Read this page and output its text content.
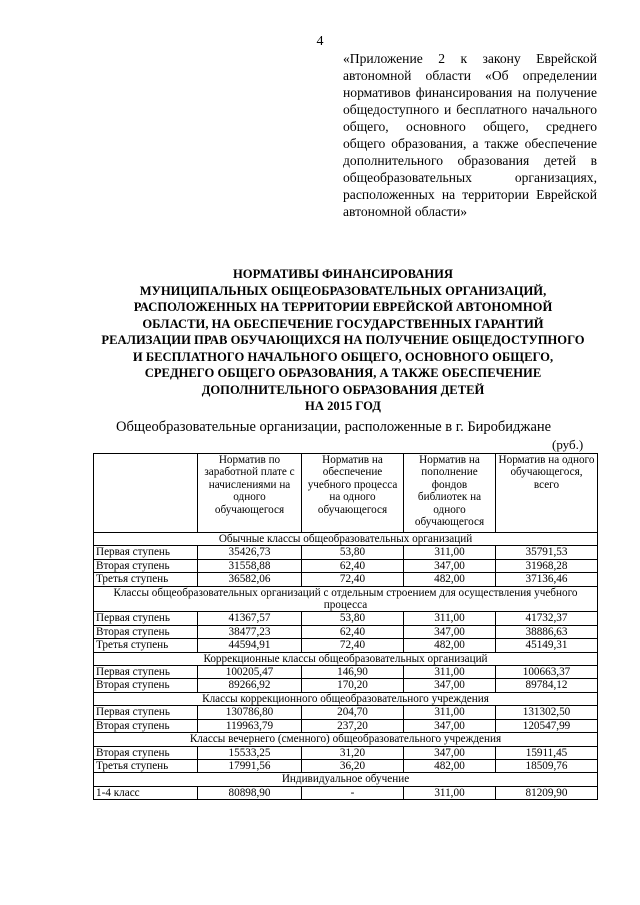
4
«Приложение 2 к закону Еврейской автономной области «Об определении нормативов финансирования на получение общедоступного и бесплатного начального общего, основного общего, среднего общего образования, а также обеспечение дополнительного образования детей в общеобразовательных организациях, расположенных на территории Еврейской автономной области»
НОРМАТИВЫ ФИНАНСИРОВАНИЯ
МУНИЦИПАЛЬНЫХ ОБЩЕОБРАЗОВАТЕЛЬНЫХ ОРГАНИЗАЦИЙ,
РАСПОЛОЖЕННЫХ НА ТЕРРИТОРИИ ЕВРЕЙСКОЙ АВТОНОМНОЙ
ОБЛАСТИ, НА ОБЕСПЕЧЕНИЕ ГОСУДАРСТВЕННЫХ ГАРАНТИЙ
РЕАЛИЗАЦИИ ПРАВ ОБУЧАЮЩИХСЯ НА ПОЛУЧЕНИЕ ОБЩЕДОСТУПНОГО
И БЕСПЛАТНОГО НАЧАЛЬНОГО ОБЩЕГО, ОСНОВНОГО ОБЩЕГО,
СРЕДНЕГО ОБЩЕГО ОБРАЗОВАНИЯ, А ТАКЖЕ ОБЕСПЕЧЕНИЕ
ДОПОЛНИТЕЛЬНОГО ОБРАЗОВАНИЯ ДЕТЕЙ
НА 2015 ГОД
Общеобразовательные организации, расположенные в г. Биробиджане
(руб.)
	Норматив по заработной плате с начислениями на одного обучающегося	Норматив на обеспечение учебного процесса на одного обучающегося	Норматив на пополнение фондов библиотек на одного обучающегося	Норматив на одного обучающегося, всего
Обычные классы общеобразовательных организаций				
Первая ступень	35426,73	53,80	311,00	35791,53
Вторая ступень	31558,88	62,40	347,00	31968,28
Третья ступень	36582,06	72,40	482,00	37136,46
Классы общеобразовательных организаций с отдельным строением для осуществления учебного процесса				
Первая ступень	41367,57	53,80	311,00	41732,37
Вторая ступень	38477,23	62,40	347,00	38886,63
Третья ступень	44594,91	72,40	482,00	45149,31
Коррекционные классы общеобразовательных организаций				
Первая ступень	100205,47	146,90	311,00	100663,37
Вторая ступень	89266,92	170,20	347,00	89784,12
Классы коррекционного общеобразовательного учреждения				
Первая ступень	130786,80	204,70	311,00	131302,50
Вторая ступень	119963,79	237,20	347,00	120547,99
Классы вечернего (сменного) общеобразовательного учреждения				
Вторая ступень	15533,25	31,20	347,00	15911,45
Третья ступень	17991,56	36,20	482,00	18509,76
Индивидуальное обучение				
1-4 класс	80898,90	-	311,00	81209,90
